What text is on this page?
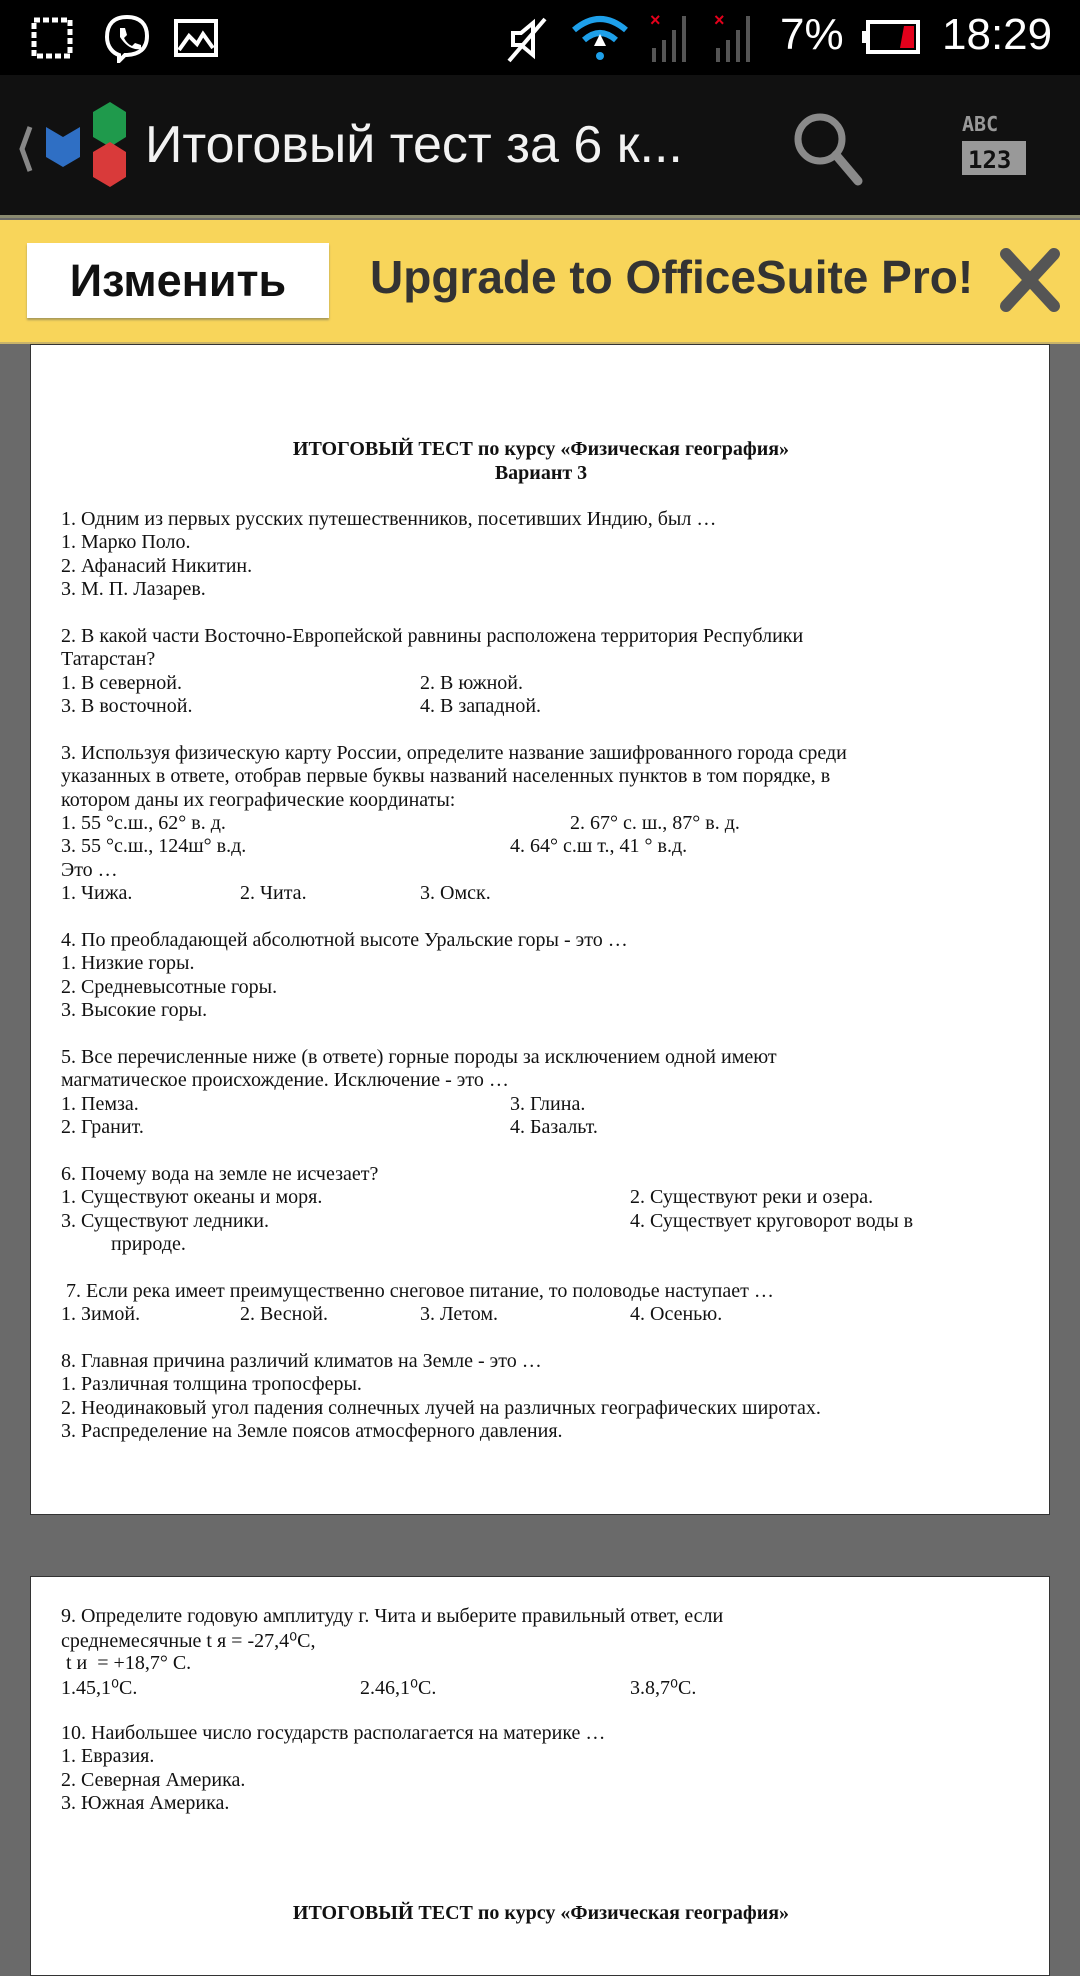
×	× 7% 18:29
Итоговый тест за 6 к...	ABC
123
Изменить	Upgrade to OfficeSuite Pro!
ИТОГОВЫЙ ТЕСТ по курсу «Физическая география»
Вариант 3
1. Одним из первых русских путешественников, посетивших Индию, был …
1. Марко Поло.
2. Афанасий Никитин.
3. М. П. Лазарев.
2. В какой части Восточно-Европейской равнины расположена территория Республики
Татарстан?
1. В северной.	2. В южной.
3. В восточной.	4. В западной.
3. Используя физическую карту России, определите название зашифрованного города среди
указанных в ответе, отобрав первые буквы названий населенных пунктов в том порядке, в
котором даны их географические координаты:
1. 55 °с.ш., 62° в. д.	2. 67° с. ш., 87° в. д.
3. 55 °с.ш., 124ш° в.д.	4. 64° с.ш т., 41 ° в.д.
Это …
1. Чижа.	2. Чита.	3. Омск.
4. По преобладающей абсолютной высоте Уральские горы - это …
1. Низкие горы.
2. Средневысотные горы.
3. Высокие горы.
5. Все перечисленные ниже (в ответе) горные породы за исключением одной имеют
магматическое происхождение. Исключение - это …
1. Пемза.	3. Глина.
2. Гранит.	4. Базальт.
6. Почему вода на земле не исчезает?
1. Существуют океаны и моря.	2. Существуют реки и озера.
3. Существуют ледники.	4. Существует круговорот воды в
природе.
7. Если река имеет преимущественно снеговое питание, то половодье наступает …
1. Зимой.	2. Весной.	3. Летом.	4. Осенью.
8. Главная причина различий климатов на Земле - это …
1. Различная толщина тропосферы.
2. Неодинаковый угол падения солнечных лучей на различных географических широтах.
3. Распределение на Земле поясов атмосферного давления.
9. Определите годовую амплитуду г. Чита и выберите правильный ответ, если
среднемесячные t я = -27,4⁰С,
t и  = +18,7° С.
1.45,1⁰С.	2.46,1⁰С.	3.8,7⁰С.
10. Наибольшее число государств располагается на материке …
1. Евразия.
2. Северная Америка.
3. Южная Америка.
ИТОГОВЫЙ ТЕСТ по курсу «Физическая география»
